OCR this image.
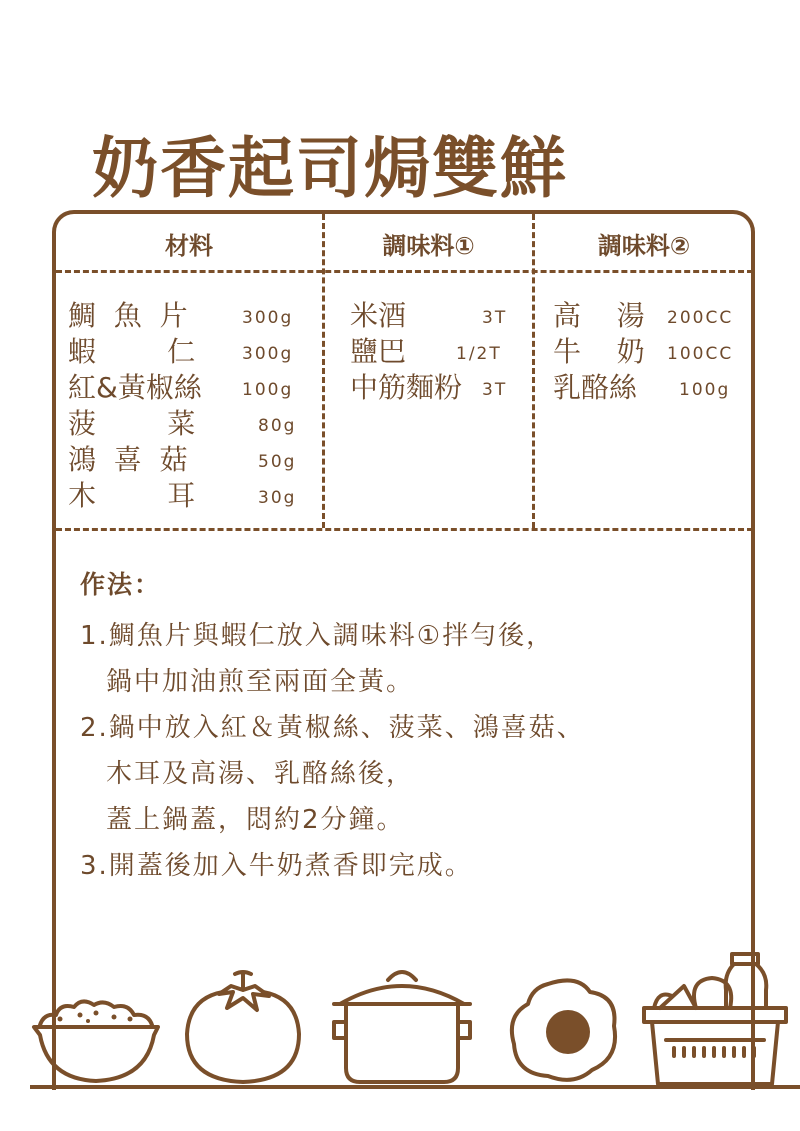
奶香起司焗雙鮮
材料	調味料①	調味料②
鯛  魚  片	300g
蝦        仁	300g
紅&黃椒絲 100g
菠        菜	80g
鴻  喜  菇	50g
木        耳	30g
米酒	3T
鹽巴	1/2T
中筋麵粉 3T
高    湯 200CC
牛    奶 100CC
乳酪絲 100g
作法：
1.鯛魚片與蝦仁放入調味料①拌勻後，
鍋中加油煎至兩面全黃。
2.鍋中放入紅＆黃椒絲、菠菜、鴻喜菇、
木耳及高湯、乳酪絲後，
蓋上鍋蓋，悶約2分鐘。
3.開蓋後加入牛奶煮香即完成。
